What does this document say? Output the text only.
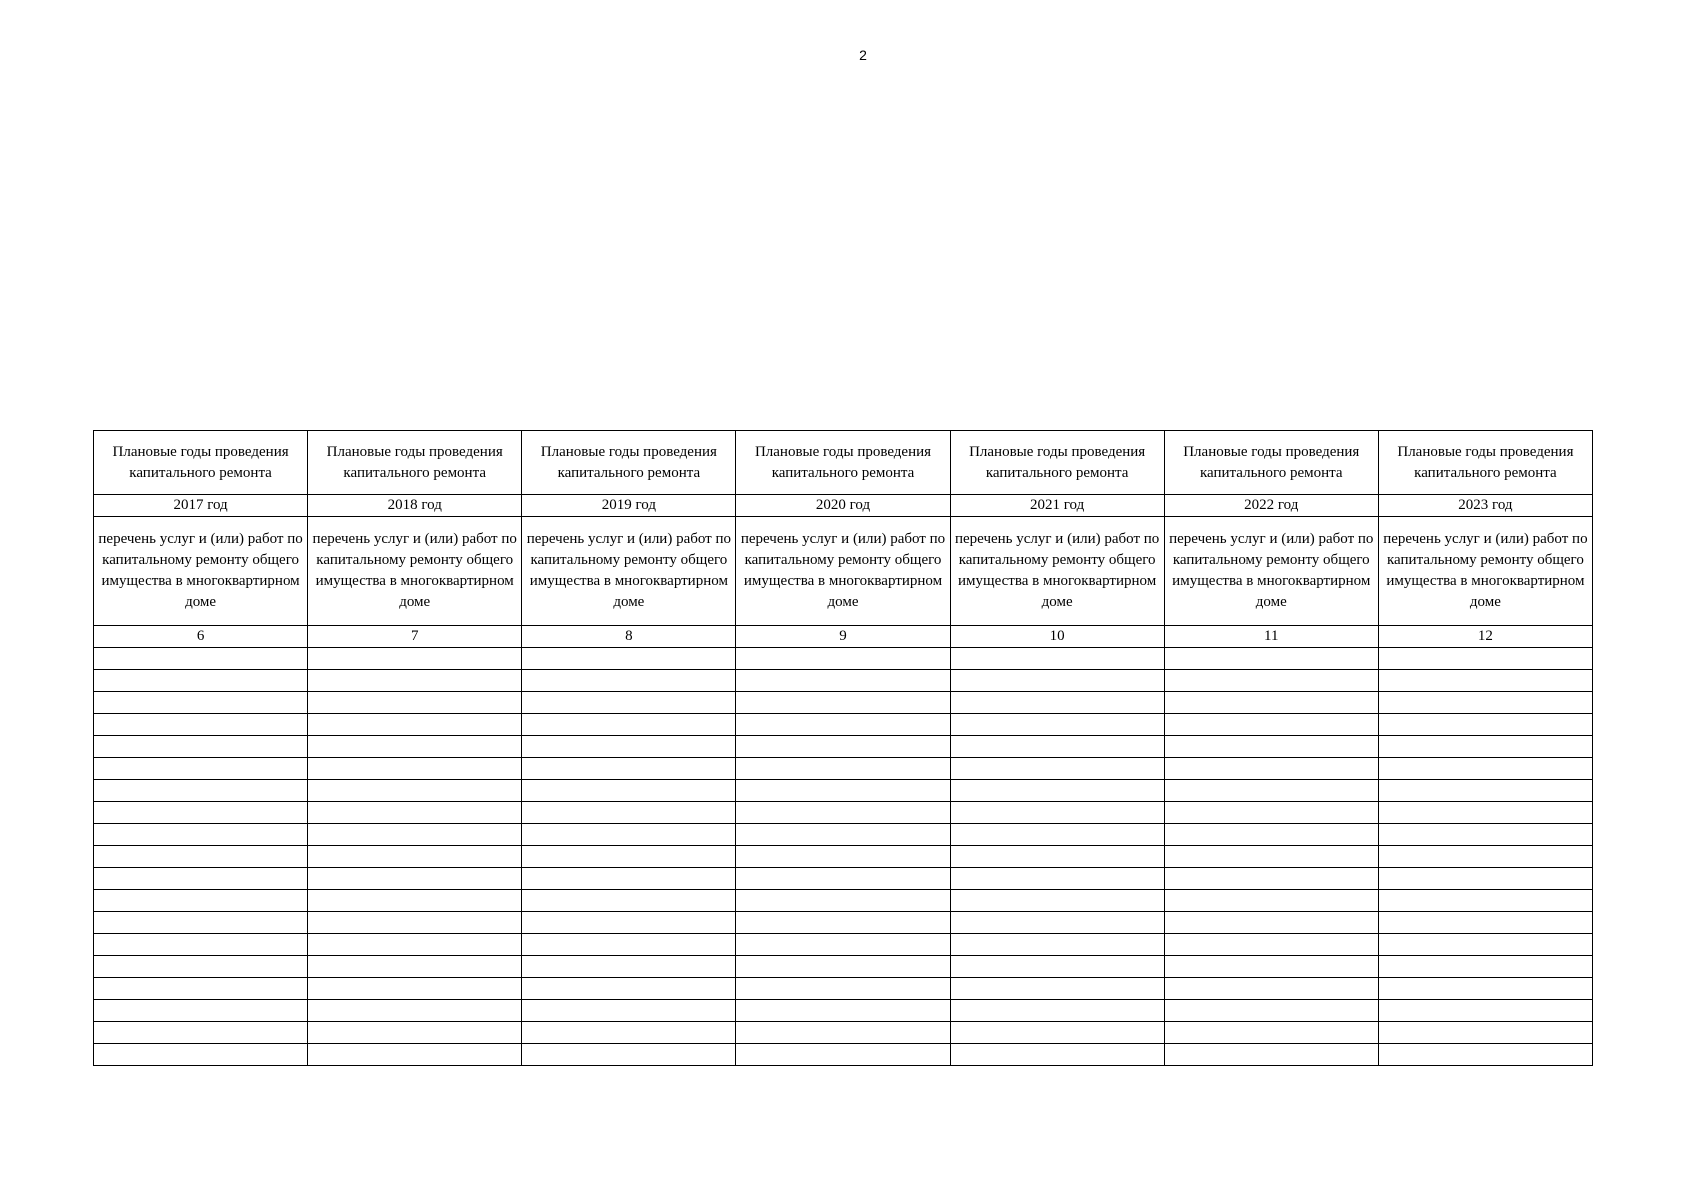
2
Плановые годы проведения капитального ремонта	Плановые годы проведения капитального ремонта	Плановые годы проведения капитального ремонта	Плановые годы проведения капитального ремонта	Плановые годы проведения капитального ремонта	Плановые годы проведения капитального ремонта	Плановые годы проведения капитального ремонта

2017 год	2018 год	2019 год	2020 год	2021 год	2022 год	2023 год

перечень услуг и (или) работ по капитальному ремонту общего имущества в многоквартирном доме	перечень услуг и (или) работ по капитальному ремонту общего имущества в многоквартирном доме	перечень услуг и (или) работ по капитальному ремонту общего имущества в многоквартирном доме	перечень услуг и (или) работ по капитальному ремонту общего имущества в многоквартирном доме	перечень услуг и (или) работ по капитальному ремонту общего имущества в многоквартирном доме	перечень услуг и (или) работ по капитальному ремонту общего имущества в многоквартирном доме	перечень услуг и (или) работ по капитальному ремонту общего имущества в многоквартирном доме

6	7	8	9	10	11	12
